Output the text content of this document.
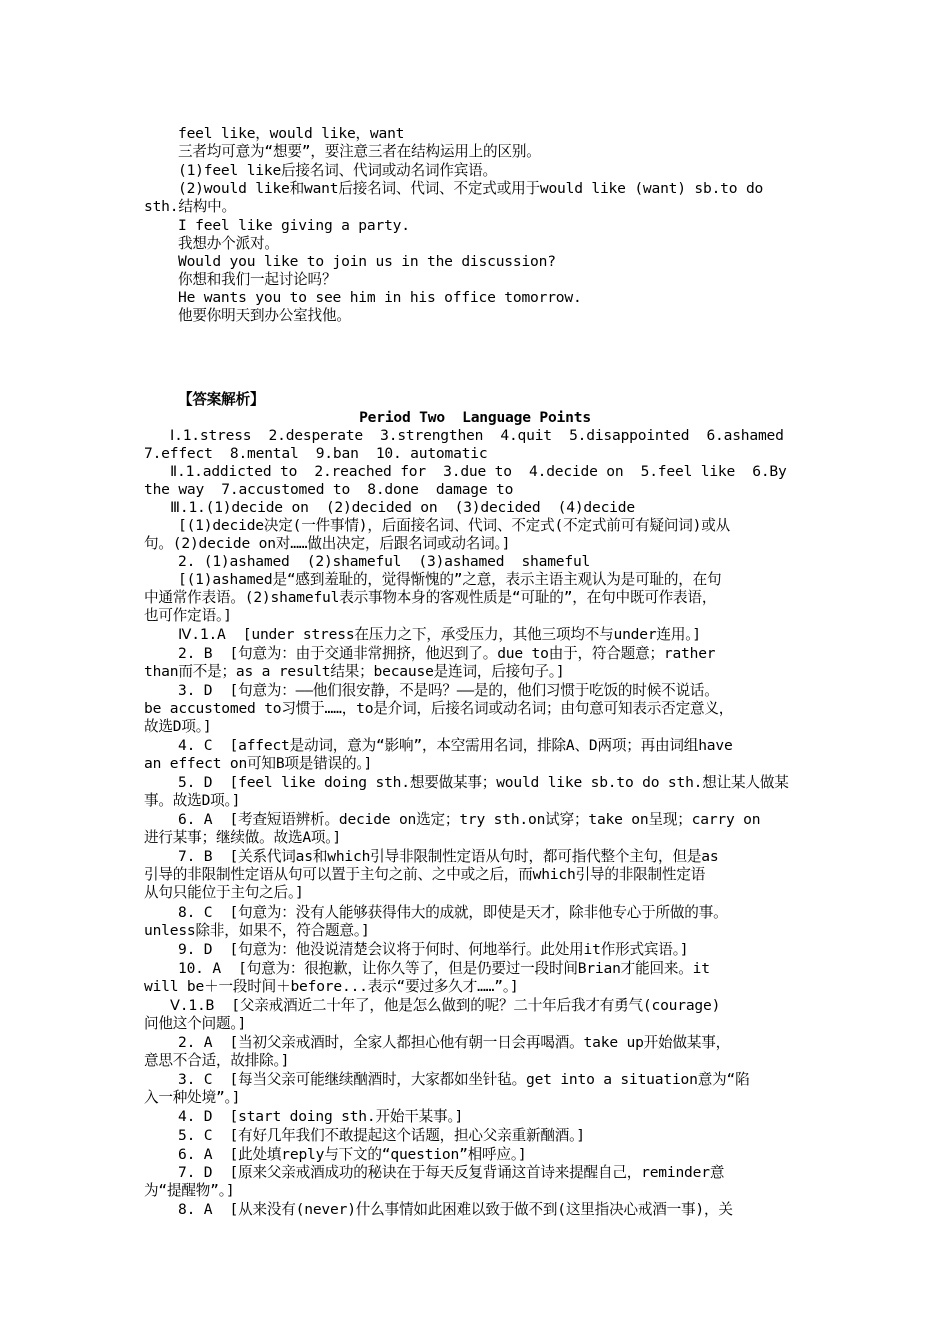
feel like，would like，want
三者均可意为“想要”，要注意三者在结构运用上的区别。
(1)feel like后接名词、代词或动名词作宾语。
(2)would like和want后接名词、代词、不定式或用于would like (want) sb.to do
sth.结构中。
I feel like giving a party.
我想办个派对。
Would you like to join us in the discussion?
你想和我们一起讨论吗？
He wants you to see him in his office tomorrow.
他要你明天到办公室找他。
【答案解析】
Period Two  Language Points
Ⅰ.1.stress  2.desperate  3.strengthen  4.quit  5.disappointed  6.ashamed
7.effect  8.mental  9.ban  10. automatic
Ⅱ.1.addicted to  2.reached for  3.due to  4.decide on  5.feel like  6.By
the way  7.accustomed to  8.done  damage to
Ⅲ.1.(1)decide on  (2)decided on  (3)decided  (4)decide
[(1)decide决定(一件事情)，后面接名词、代词、不定式(不定式前可有疑问词)或从
句。(2)decide on对……做出决定，后跟名词或动名词。]
2. (1)ashamed  (2)shameful  (3)ashamed  shameful
[(1)ashamed是“感到羞耻的，觉得惭愧的”之意，表示主语主观认为是可耻的，在句
中通常作表语。(2)shameful表示事物本身的客观性质是“可耻的”，在句中既可作表语，
也可作定语。]
Ⅳ.1.A  [under stress在压力之下，承受压力，其他三项均不与under连用。]
2. B  [句意为：由于交通非常拥挤，他迟到了。due to由于，符合题意；rather
than而不是；as a result结果；because是连词，后接句子。]
3. D  [句意为：——他们很安静，不是吗？——是的，他们习惯于吃饭的时候不说话。
be accustomed to习惯于……，to是介词，后接名词或动名词；由句意可知表示否定意义，
故选D项。]
4. C  [affect是动词，意为“影响”，本空需用名词，排除A、D两项；再由词组have
an effect on可知B项是错误的。]
5. D  [feel like doing sth.想要做某事；would like sb.to do sth.想让某人做某
事。故选D项。]
6. A  [考查短语辨析。decide on选定；try sth.on试穿；take on呈现；carry on
进行某事；继续做。故选A项。]
7. B  [关系代词as和which引导非限制性定语从句时，都可指代整个主句，但是as
引导的非限制性定语从句可以置于主句之前、之中或之后，而which引导的非限制性定语
从句只能位于主句之后。]
8. C  [句意为：没有人能够获得伟大的成就，即使是天才，除非他专心于所做的事。
unless除非，如果不，符合题意。]
9. D  [句意为：他没说清楚会议将于何时、何地举行。此处用it作形式宾语。]
10. A  [句意为：很抱歉，让你久等了，但是仍要过一段时间Brian才能回来。it
will be＋一段时间＋before...表示“要过多久才……”。]
Ⅴ.1.B  [父亲戒酒近二十年了，他是怎么做到的呢？二十年后我才有勇气(courage)
问他这个问题。]
2. A  [当初父亲戒酒时，全家人都担心他有朝一日会再喝酒。take up开始做某事，
意思不合适，故排除。]
3. C  [每当父亲可能继续酗酒时，大家都如坐针毡。get into a situation意为“陷
入一种处境”。]
4. D  [start doing sth.开始干某事。]
5. C  [有好几年我们不敢提起这个话题，担心父亲重新酗酒。]
6. A  [此处填reply与下文的“question”相呼应。]
7. D  [原来父亲戒酒成功的秘诀在于每天反复背诵这首诗来提醒自己，reminder意
为“提醒物”。]
8. A  [从来没有(never)什么事情如此困难以致于做不到(这里指决心戒酒一事)，关
